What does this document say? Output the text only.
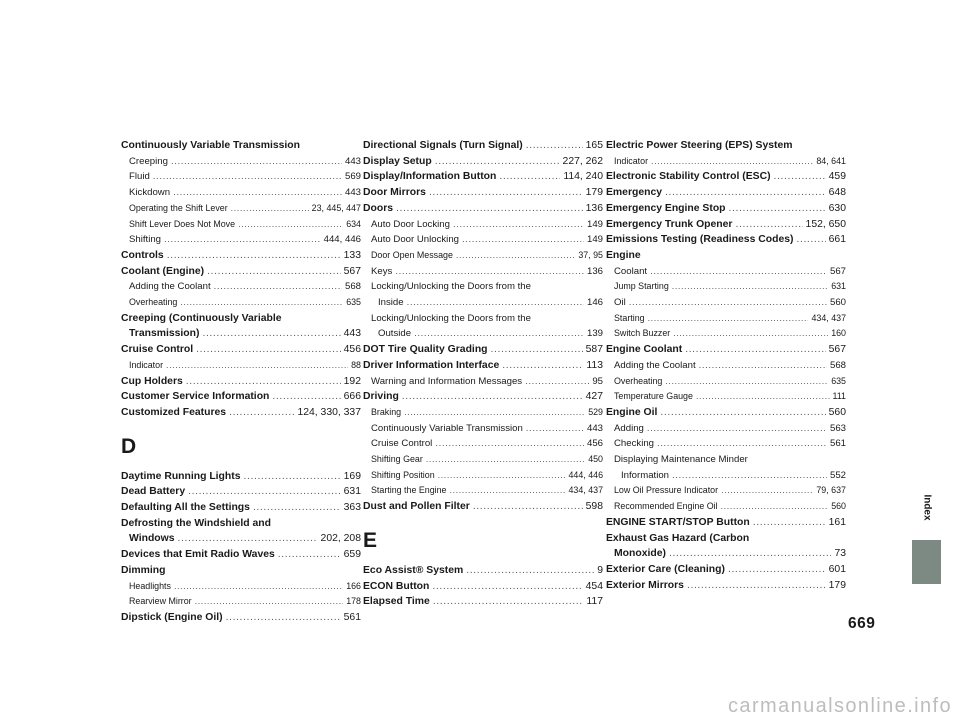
Continuously Variable Transmission
Creeping .....	443
Fluid .....	569
Kickdown .....	443
Operating the Shift Lever .....	23, 445, 447
Shift Lever Does Not Move .....	634
Shifting .....	444, 446
Controls .....	133
Coolant (Engine) .....	567
Adding the Coolant .....	568
Overheating .....	635
Creeping (Continuously Variable
Transmission) .....	443
Cruise Control .....	456
Indicator .....	88
Cup Holders .....	192
Customer Service Information .....	666
Customized Features .....	124, 330, 337
D
Daytime Running Lights .....	169
Dead Battery .....	631
Defaulting All the Settings .....	363
Defrosting the Windshield and
Windows .....	202, 208
Devices that Emit Radio Waves .....	659
Dimming
Headlights .....	166
Rearview Mirror .....	178
Dipstick (Engine Oil) .....	561
Directional Signals (Turn Signal) .....	165
Display Setup .....	227, 262
Display/Information Button .....	114, 240
Door Mirrors .....	179
Doors .....	136
Auto Door Locking .....	149
Auto Door Unlocking .....	149
Door Open Message .....	37, 95
Keys .....	136
Locking/Unlocking the Doors from the
Inside .....	146
Locking/Unlocking the Doors from the
Outside .....	139
DOT Tire Quality Grading .....	587
Driver Information Interface .....	113
Warning and Information Messages .....	95
Driving .....	427
Braking .....	529
Continuously Variable Transmission .....	443
Cruise Control .....	456
Shifting Gear .....	450
Shifting Position .....	444, 446
Starting the Engine .....	434, 437
Dust and Pollen Filter .....	598
E
Eco Assist® System .....	9
ECON Button .....	454
Elapsed Time .....	117
Electric Power Steering (EPS) System
Indicator .....	84, 641
Electronic Stability Control (ESC) .....	459
Emergency .....	648
Emergency Engine Stop .....	630
Emergency Trunk Opener .....	152, 650
Emissions Testing (Readiness Codes) .....	661
Engine
Coolant .....	567
Jump Starting .....	631
Oil .....	560
Starting .....	434, 437
Switch Buzzer .....	160
Engine Coolant .....	567
Adding the Coolant .....	568
Overheating .....	635
Temperature Gauge .....	111
Engine Oil .....	560
Adding .....	563
Checking .....	561
Displaying Maintenance Minder
Information .....	552
Low Oil Pressure Indicator .....	79, 637
Recommended Engine Oil .....	560
ENGINE START/STOP Button .....	161
Exhaust Gas Hazard (Carbon
Monoxide) .....	73
Exterior Care (Cleaning) .....	601
Exterior Mirrors .....	179
Index
669
carmanualsonline.info
